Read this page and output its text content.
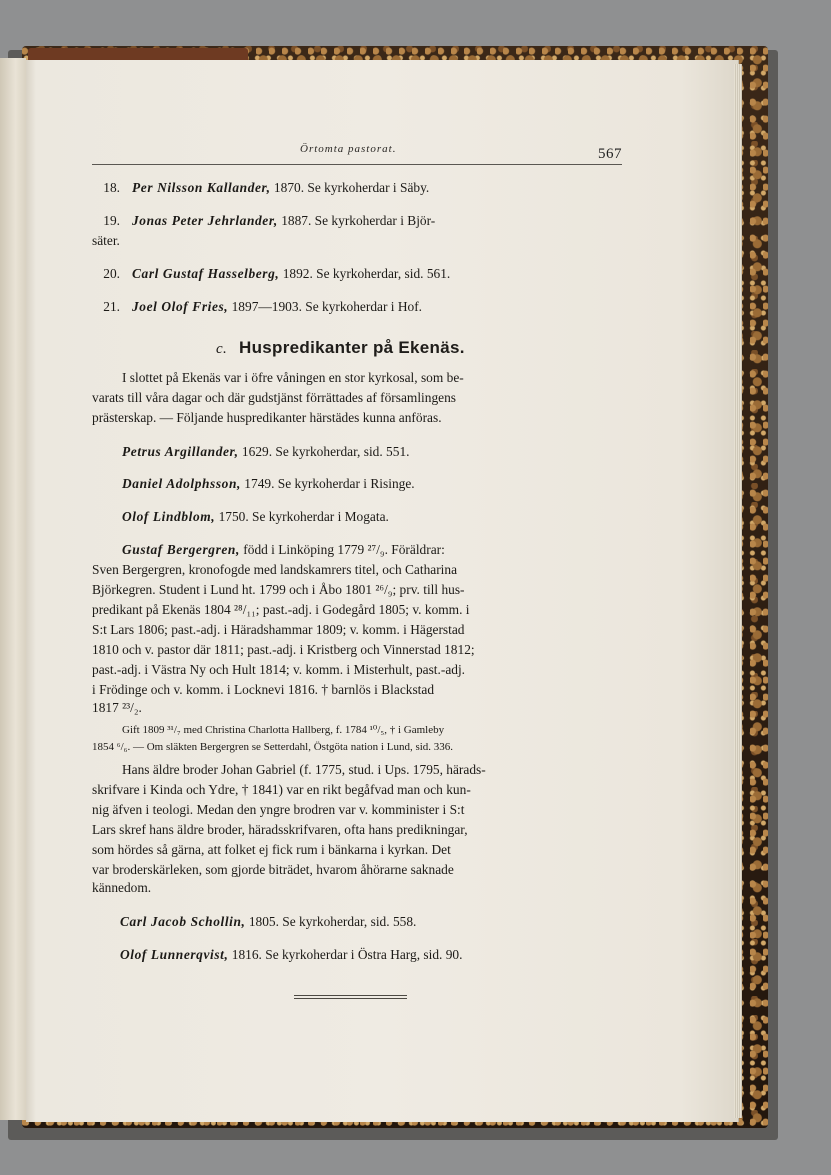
Örtomta pastorat.	567
18. Per Nilsson Kallander, 1870. Se kyrkoherdar i Säby.
19. Jonas Peter Jehrlander, 1887. Se kyrkoherdar i Björ-
säter.
20. Carl Gustaf Hasselberg, 1892. Se kyrkoherdar, sid. 561.
21. Joel Olof Fries, 1897—1903. Se kyrkoherdar i Hof.
c. Huspredikanter på Ekenäs.
I slottet på Ekenäs var i öfre våningen en stor kyrkosal, som be-
varats till våra dagar och där gudstjänst förrättades af församlingens
prästerskap. — Följande huspredikanter härstädes kunna anföras.
Petrus Argillander, 1629. Se kyrkoherdar, sid. 551.
Daniel Adolphsson, 1749. Se kyrkoherdar i Risinge.
Olof Lindblom, 1750. Se kyrkoherdar i Mogata.
Gustaf Bergergren, född i Linköping 1779 ²⁷/₉. Föräldrar:
Sven Bergergren, kronofogde med landskamrers titel, och Catharina
Björkegren. Student i Lund ht. 1799 och i Åbo 1801 ²⁶/₉; prv. till hus-
predikant på Ekenäs 1804 ²⁸/₁₁; past.-adj. i Godegård 1805; v. komm. i
S:t Lars 1806; past.-adj. i Häradshammar 1809; v. komm. i Hägerstad
1810 och v. pastor där 1811; past.-adj. i Kristberg och Vinnerstad 1812;
past.-adj. i Västra Ny och Hult 1814; v. komm. i Misterhult, past.-adj.
i Frödinge och v. komm. i Locknevi 1816. † barnlös i Blackstad
1817 ²³/₂.
Gift 1809 ³¹/₇ med Christina Charlotta Hallberg, f. 1784 ¹⁰/₅, † i Gamleby
1854 ⁶/₆. — Om släkten Bergergren se Setterdahl, Östgöta nation i Lund, sid. 336.
Hans äldre broder Johan Gabriel (f. 1775, stud. i Ups. 1795, härads-
skrifvare i Kinda och Ydre, † 1841) var en rikt begåfvad man och kun-
nig äfven i teologi. Medan den yngre brodren var v. komminister i S:t
Lars skref hans äldre broder, häradsskrifvaren, ofta hans predikningar,
som hördes så gärna, att folket ej fick rum i bänkarna i kyrkan. Det
var broderskärleken, som gjorde biträdet, hvarom åhörarne saknade
kännedom.
Carl Jacob Schollin, 1805. Se kyrkoherdar, sid. 558.
Olof Lunnerqvist, 1816. Se kyrkoherdar i Östra Harg, sid. 90.
